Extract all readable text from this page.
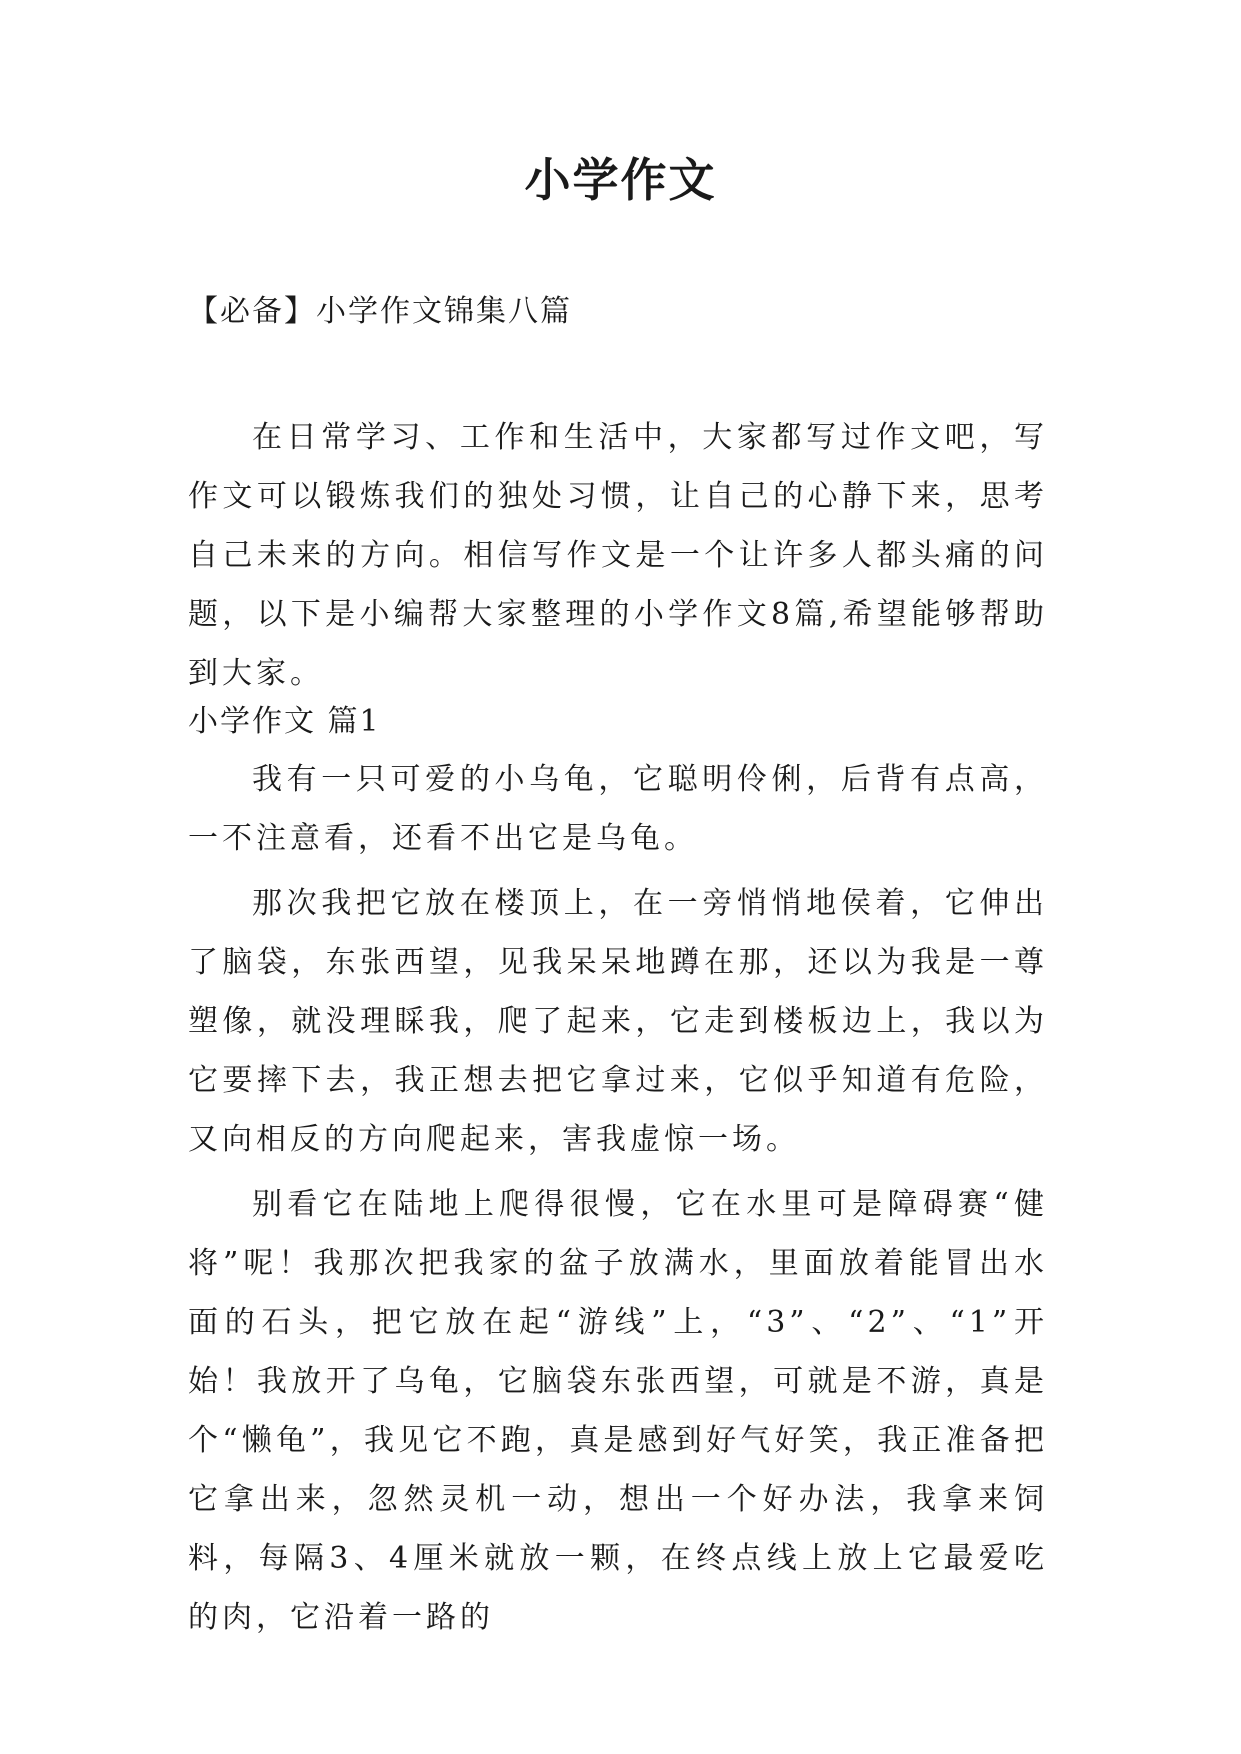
小学作文

【必备】小学作文锦集八篇

在日常学习、工作和生活中，大家都写过作文吧，写作文可以锻炼我们的独处习惯，让自己的心静下来，思考自己未来的方向。相信写作文是一个让许多人都头痛的问题，以下是小编帮大家整理的小学作文8篇,希望能够帮助到大家。

小学作文 篇1

我有一只可爱的小乌龟，它聪明伶俐，后背有点高，一不注意看，还看不出它是乌龟。

那次我把它放在楼顶上，在一旁悄悄地侯着，它伸出了脑袋，东张西望，见我呆呆地蹲在那，还以为我是一尊塑像，就没理睬我，爬了起来，它走到楼板边上，我以为它要摔下去，我正想去把它拿过来，它似乎知道有危险，又向相反的方向爬起来，害我虚惊一场。

别看它在陆地上爬得很慢，它在水里可是障碍赛“健将”呢！我那次把我家的盆子放满水，里面放着能冒出水面的石头，把它放在起“游线”上，“3”、“2”、“1”开始！我放开了乌龟，它脑袋东张西望，可就是不游，真是个“懒龟”，我见它不跑，真是感到好气好笑，我正准备把它拿出来，忽然灵机一动，想出一个好办法，我拿来饲料，每隔3、4厘米就放一颗，在终点线上放上它最爱吃的肉，它沿着一路的
